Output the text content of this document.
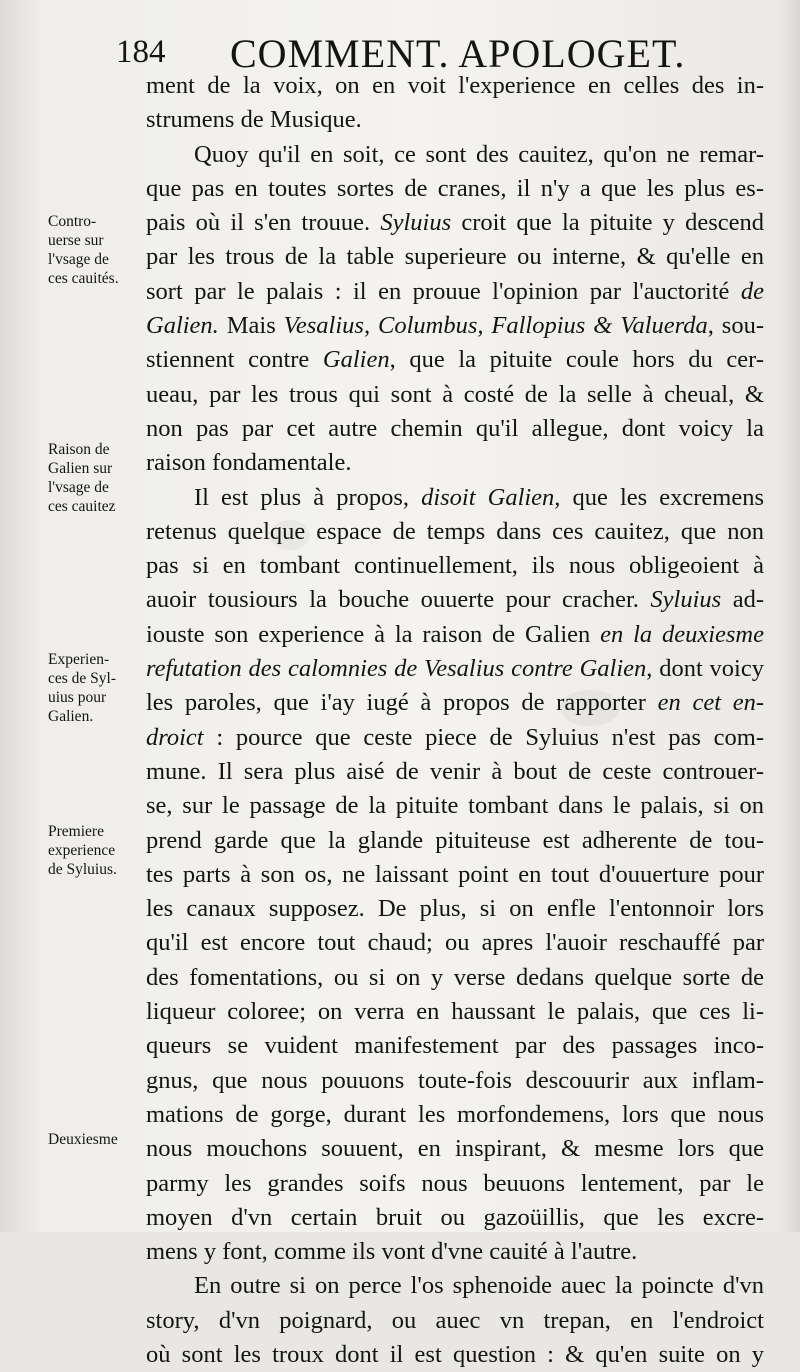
184 COMMENT. APOLOGET.
Contro-
uerse sur
l'vsage de
ces cauités.
Raison de
Galien sur
l'vsage de
ces cauitez
Experien-
ces de Syl-
uius pour
Galien.
Premiere
experience
de Syluius.
Deuxiesme
ment de la voix, on en voit l'experience en celles des in-
strumens de Musique.
Quoy qu'il en soit, ce sont des cauitez, qu'on ne remar-
que pas en toutes sortes de cranes, il n'y a que les plus es-
pais où il s'en trouue. Syluius croit que la pituite y descend
par les trous de la table superieure ou interne, & qu'elle en
sort par le palais : il en prouue l'opinion par l'auctorité de
Galien. Mais Vesalius, Columbus, Fallopius & Valuerda, sou-
stiennent contre Galien, que la pituite coule hors du cer-
ueau, par les trous qui sont à costé de la selle à cheual, &
non pas par cet autre chemin qu'il allegue, dont voicy la
raison fondamentale.
Il est plus à propos, disoit Galien, que les excremens
retenus quelque espace de temps dans ces cauitez, que non
pas si en tombant continuellement, ils nous obligeoient à
auoir tousiours la bouche ouuerte pour cracher. Syluius ad-
iouste son experience à la raison de Galien en la deuxiesme
refutation des calomnies de Vesalius contre Galien, dont voicy
les paroles, que i'ay iugé à propos de rapporter en cet en-
droict : pource que ceste piece de Syluius n'est pas com-
mune. Il sera plus aisé de venir à bout de ceste controuer-
se, sur le passage de la pituite tombant dans le palais, si on
prend garde que la glande pituiteuse est adherente de tou-
tes parts à son os, ne laissant point en tout d'ouuerture pour
les canaux supposez. De plus, si on enfle l'entonnoir lors
qu'il est encore tout chaud; ou apres l'auoir reschauffé par
des fomentations, ou si on y verse dedans quelque sorte de
liqueur coloree; on verra en haussant le palais, que ces li-
queurs se vuident manifestement par des passages inco-
gnus, que nous pouuons toute-fois descouurir aux inflam-
mations de gorge, durant les morfondemens, lors que nous
nous mouchons souuent, en inspirant, & mesme lors que
parmy les grandes soifs nous beuuons lentement, par le
moyen d'vn certain bruit ou gazoüillis, que les excre-
mens y font, comme ils vont d'vne cauité à l'autre.
En outre si on perce l'os sphenoide auec la poincte d'vn
story, d'vn poignard, ou auec vn trepan, en l'endroict
où sont les troux dont il est question : & qu'en suite on y
